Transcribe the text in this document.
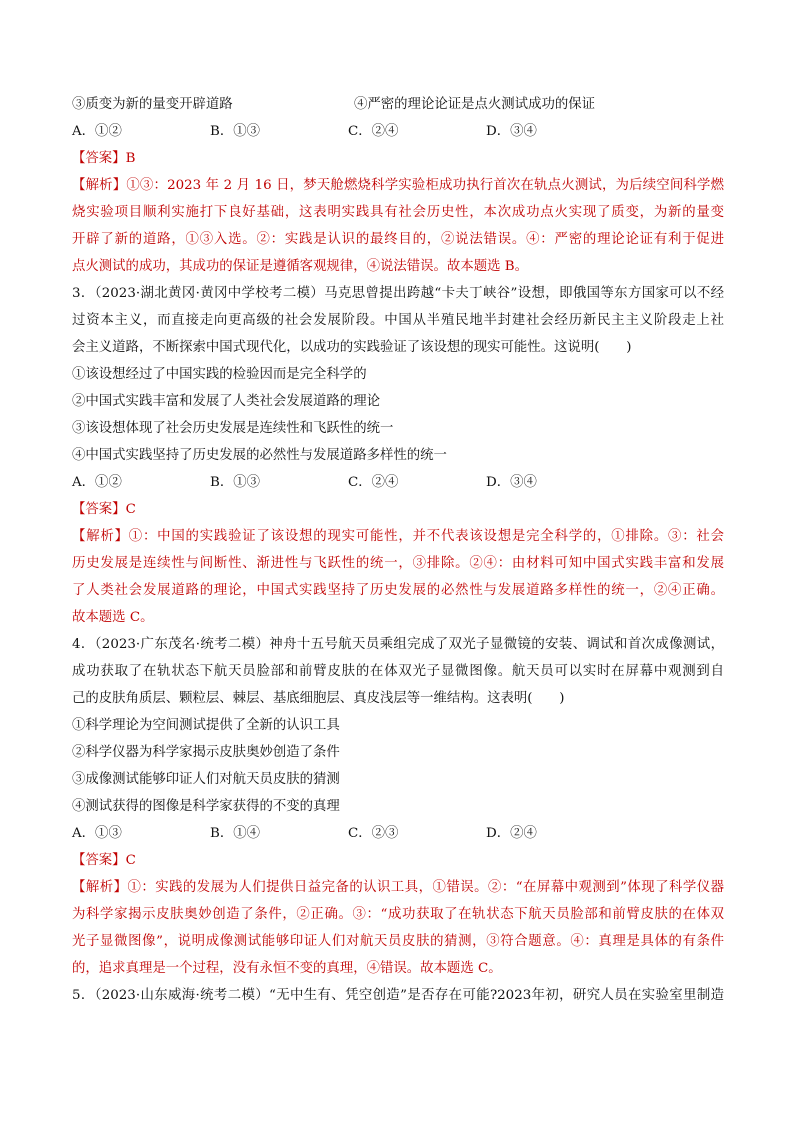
③质变为新的量变开辟道路	④严密的理论论证是点火测试成功的保证
A．①②	B．①③	C．②④	D．③④
【答案】B
【解析】①③：2023 年 2 月 16 日，梦天舱燃烧科学实验柜成功执行首次在轨点火测试，为后续空间科学燃
烧实验项目顺利实施打下良好基础，这表明实践具有社会历史性，本次成功点火实现了质变，为新的量变
开辟了新的道路，①③入选。②：实践是认识的最终目的，②说法错误。④：严密的理论论证有利于促进
点火测试的成功，其成功的保证是遵循客观规律，④说法错误。故本题选 B。
3．（2023·湖北黄冈·黄冈中学校考二模）马克思曾提出跨越“卡夫丁峡谷”设想，即俄国等东方国家可以不经
过资本主义，而直接走向更高级的社会发展阶段。中国从半殖民地半封建社会经历新民主主义阶段走上社
会主义道路，不断探索中国式现代化，以成功的实践验证了该设想的现实可能性。这说明(　　)
①该设想经过了中国实践的检验因而是完全科学的
②中国式实践丰富和发展了人类社会发展道路的理论
③该设想体现了社会历史发展是连续性和飞跃性的统一
④中国式实践坚持了历史发展的必然性与发展道路多样性的统一
A．①②	B．①③	C．②④	D．③④
【答案】C
【解析】①：中国的实践验证了该设想的现实可能性，并不代表该设想是完全科学的，①排除。③：社会
历史发展是连续性与间断性、渐进性与飞跃性的统一，③排除。②④：由材料可知中国式实践丰富和发展
了人类社会发展道路的理论，中国式实践坚持了历史发展的必然性与发展道路多样性的统一，②④正确。
故本题选 C。
4．（2023·广东茂名·统考二模）神舟十五号航天员乘组完成了双光子显微镜的安装、调试和首次成像测试，
成功获取了在轨状态下航天员脸部和前臂皮肤的在体双光子显微图像。航天员可以实时在屏幕中观测到自
己的皮肤角质层、颗粒层、棘层、基底细胞层、真皮浅层等一维结构。这表明(　　)
①科学理论为空间测试提供了全新的认识工具
②科学仪器为科学家揭示皮肤奥妙创造了条件
③成像测试能够印证人们对航天员皮肤的猜测
④测试获得的图像是科学家获得的不变的真理
A．①③	B．①④	C．②③	D．②④
【答案】C
【解析】①：实践的发展为人们提供日益完备的认识工具，①错误。②：“在屏幕中观测到”体现了科学仪器
为科学家揭示皮肤奥妙创造了条件，②正确。③：“成功获取了在轨状态下航天员脸部和前臂皮肤的在体双
光子显微图像”，说明成像测试能够印证人们对航天员皮肤的猜测，③符合题意。④：真理是具体的有条件
的，追求真理是一个过程，没有永恒不变的真理，④错误。故本题选 C。
5．（2023·山东威海·统考二模）“无中生有、凭空创造”是否存在可能?2023年初，研究人员在实验室里制造
